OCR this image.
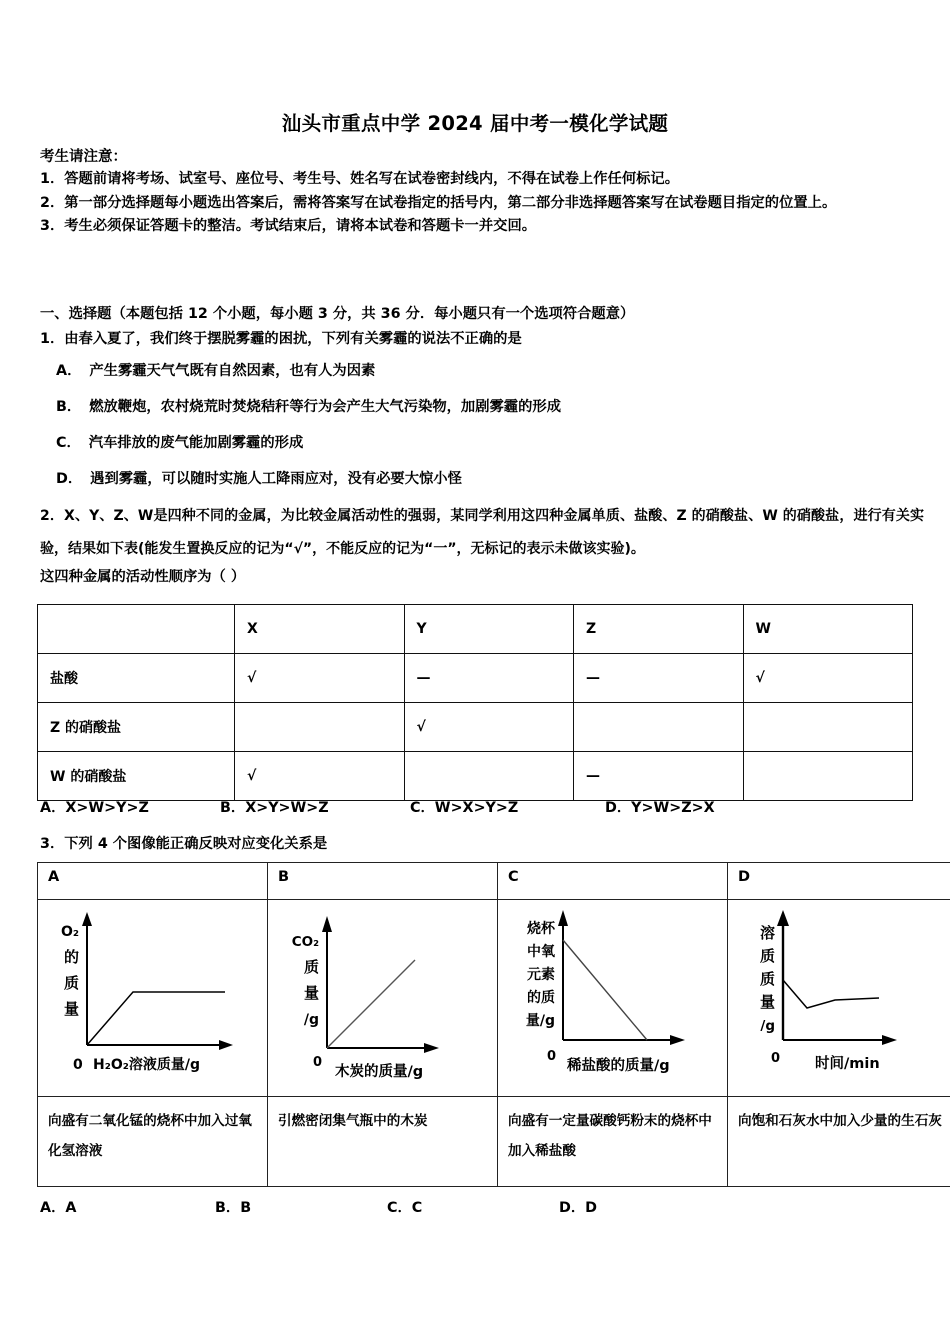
汕头市重点中学 2024 届中考一模化学试题
考生请注意：
1．答题前请将考场、试室号、座位号、考生号、姓名写在试卷密封线内，不得在试卷上作任何标记。
2．第一部分选择题每小题选出答案后，需将答案写在试卷指定的括号内，第二部分非选择题答案写在试卷题目指定的位置上。
3．考生必须保证答题卡的整洁。考试结束后，请将本试卷和答题卡一并交回。
一、选择题（本题包括 12 个小题，每小题 3 分，共 36 分．每小题只有一个选项符合题意）
1．由春入夏了，我们终于摆脱雾霾的困扰，下列有关雾霾的说法不正确的是
A． 产生雾霾天气气既有自然因素，也有人为因素
B． 燃放鞭炮，农村烧荒时焚烧秸秆等行为会产生大气污染物，加剧雾霾的形成
C． 汽车排放的废气能加剧雾霾的形成
D． 遇到雾霾，可以随时实施人工降雨应对，没有必要大惊小怪
2．X、Y、Z、W是四种不同的金属，为比较金属活动性的强弱，某同学利用这四种金属单质、盐酸、Z 的硝酸盐、W 的硝酸盐，进行有关实验，结果如下表(能发生置换反应的记为“√”，不能反应的记为“一”，无标记的表示未做该实验)。
这四种金属的活动性顺序为（ ）
	X	Y	Z	W
盐酸	√	—	—	√
Z 的硝酸盐		√		
W 的硝酸盐	√		—	
A．X>W>Y>Z	B．X>Y>W>Z	C．W>X>Y>Z	D．Y>W>Z>X
3．下列 4 个图像能正确反映对应变化关系是
A	B	C	D

O₂
的
质
量
0 H₂O₂溶液质量/g

CO₂
质
量
/g
0
木炭的质量/g

烧杯
中氧
元素
的质
量/g
0
稀盐酸的质量/g

溶
质
质
量
/g
0 时间/min

向盛有二氧化锰的烧杯中加入过氧化氢溶液	引燃密闭集气瓶中的木炭	向盛有一定量碳酸钙粉末的烧杯中加入稀盐酸	向饱和石灰水中加入少量的生石灰
A．A	B．B	C．C	D．D
